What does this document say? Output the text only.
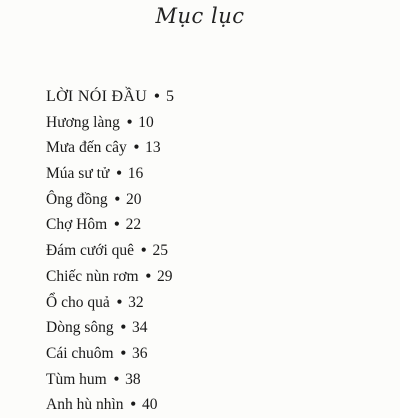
Mục lục
LỜI NÓI ĐẦU • 5
Hương làng • 10
Mưa đến cây • 13
Múa sư tử • 16
Ông đồng • 20
Chợ Hôm • 22
Đám cưới quê • 25
Chiếc nùn rơm • 29
Ổ cho quả • 32
Dòng sông • 34
Cái chuôm • 36
Tùm hum • 38
Anh hù nhìn • 40
